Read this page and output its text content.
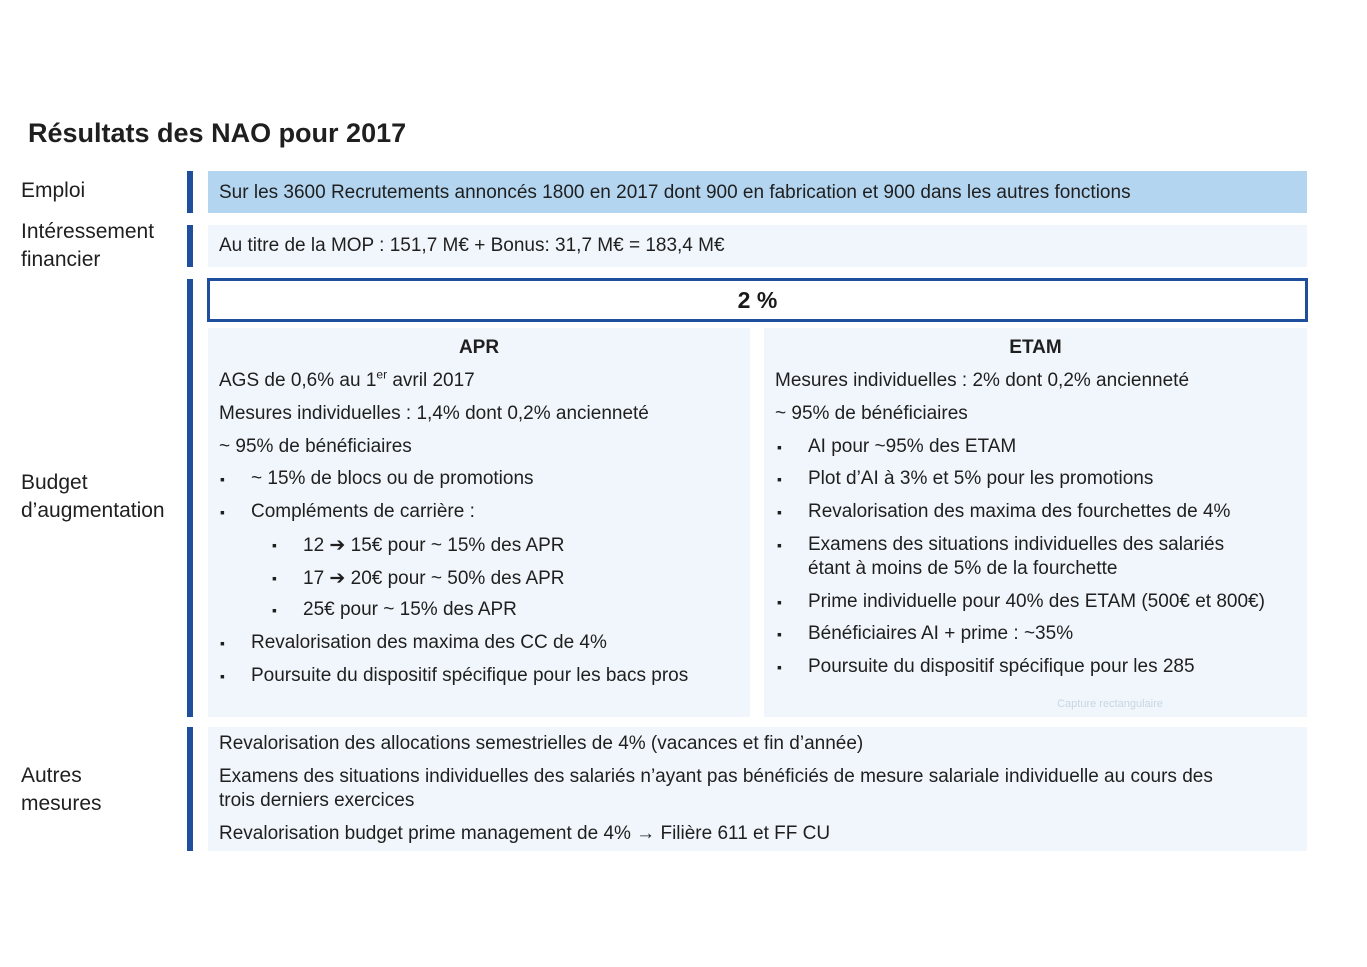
Résultats des NAO pour 2017
Emploi	Sur les 3600 Recrutements annoncés 1800 en 2017 dont 900 en fabrication et 900 dans les autres fonctions
Intéressement
financier
Au titre de la MOP : 151,7 M€ + Bonus: 31,7 M€ = 183,4 M€
Budget
d’augmentation
2 %
APR
AGS de 0,6% au 1er avril 2017
Mesures individuelles : 1,4% dont 0,2% ancienneté
~ 95% de bénéficiaires
▪ ~ 15% de blocs ou de promotions
▪ Compléments de carrière :
▪ 12 ➔ 15€ pour ~ 15% des APR
▪ 17 ➔ 20€ pour ~ 50% des APR
▪ 25€ pour ~ 15% des APR
▪ Revalorisation des maxima des CC de 4%
▪ Poursuite du dispositif spécifique pour les bacs pros
ETAM
Mesures individuelles : 2% dont 0,2% ancienneté
~ 95% de bénéficiaires
▪ AI pour ~95% des ETAM
▪ Plot d’AI à 3% et 5% pour les promotions
▪ Revalorisation des maxima des fourchettes de 4%
▪ Examens des situations individuelles des salariés
étant à moins de 5% de la fourchette
▪ Prime individuelle pour 40% des ETAM (500€ et 800€)
▪ Bénéficiaires AI + prime : ~35%
▪ Poursuite du dispositif spécifique pour les 285
Capture rectangulaire
Autres
mesures
Revalorisation des allocations semestrielles de 4% (vacances et fin d’année)
Examens des situations individuelles des salariés n’ayant pas bénéficiés de mesure salariale individuelle au cours des
trois derniers exercices
Revalorisation budget prime management de 4% → Filière 611 et FF CU
